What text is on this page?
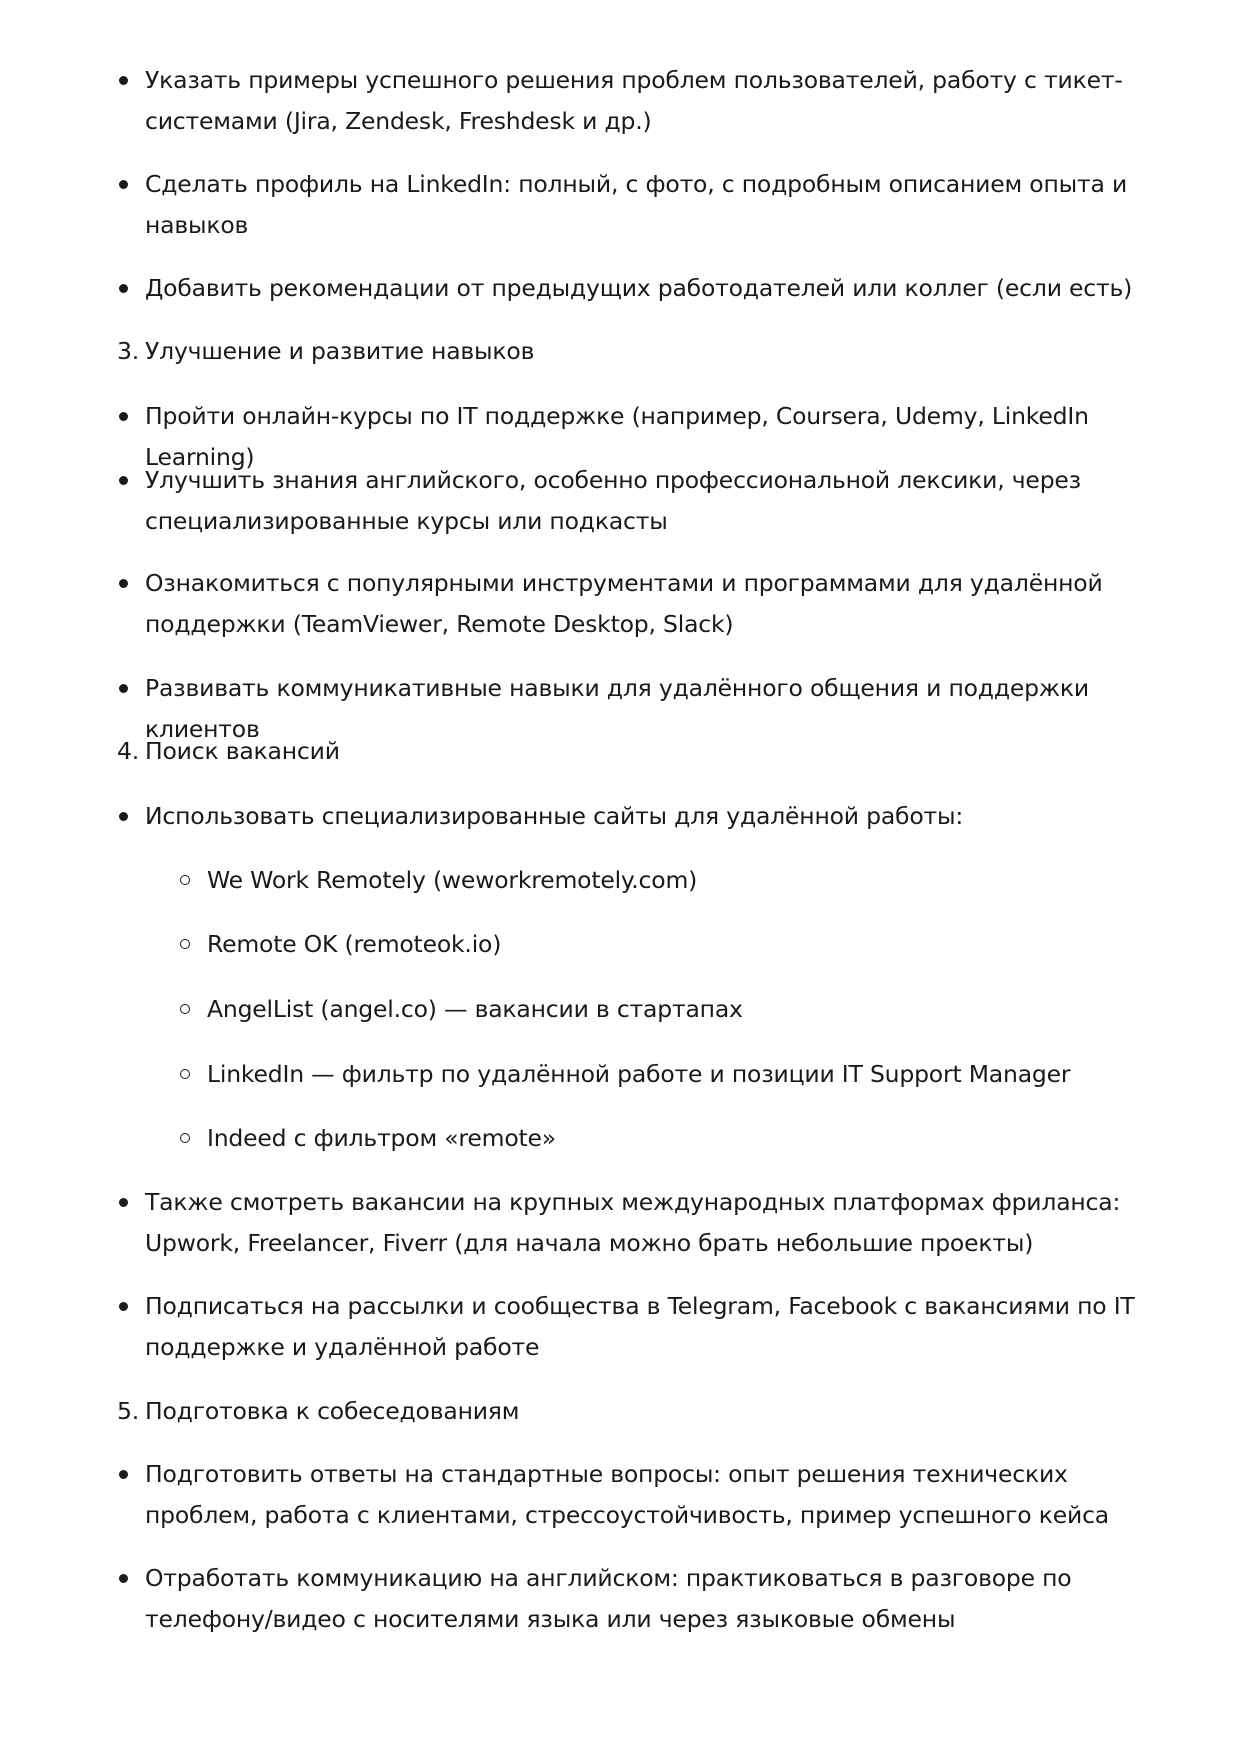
Указать примеры успешного решения проблем пользователей, работу с тикет-системами (Jira, Zendesk, Freshdesk и др.)
Сделать профиль на LinkedIn: полный, с фото, с подробным описанием опыта и навыков
Добавить рекомендации от предыдущих работодателей или коллег (если есть)
3. Улучшение и развитие навыков
Пройти онлайн-курсы по IT поддержке (например, Coursera, Udemy, LinkedIn Learning)
Улучшить знания английского, особенно профессиональной лексики, через специализированные курсы или подкасты
Ознакомиться с популярными инструментами и программами для удалённой поддержки (TeamViewer, Remote Desktop, Slack)
Развивать коммуникативные навыки для удалённого общения и поддержки клиентов
4. Поиск вакансий
Использовать специализированные сайты для удалённой работы:
We Work Remotely (weworkremotely.com)
Remote OK (remoteok.io)
AngelList (angel.co) — вакансии в стартапах
LinkedIn — фильтр по удалённой работе и позиции IT Support Manager
Indeed с фильтром «remote»
Также смотреть вакансии на крупных международных платформах фриланса: Upwork, Freelancer, Fiverr (для начала можно брать небольшие проекты)
Подписаться на рассылки и сообщества в Telegram, Facebook с вакансиями по IT поддержке и удалённой работе
5. Подготовка к собеседованиям
Подготовить ответы на стандартные вопросы: опыт решения технических проблем, работа с клиентами, стрессоустойчивость, пример успешного кейса
Отработать коммуникацию на английском: практиковаться в разговоре по телефону/видео с носителями языка или через языковые обмены
